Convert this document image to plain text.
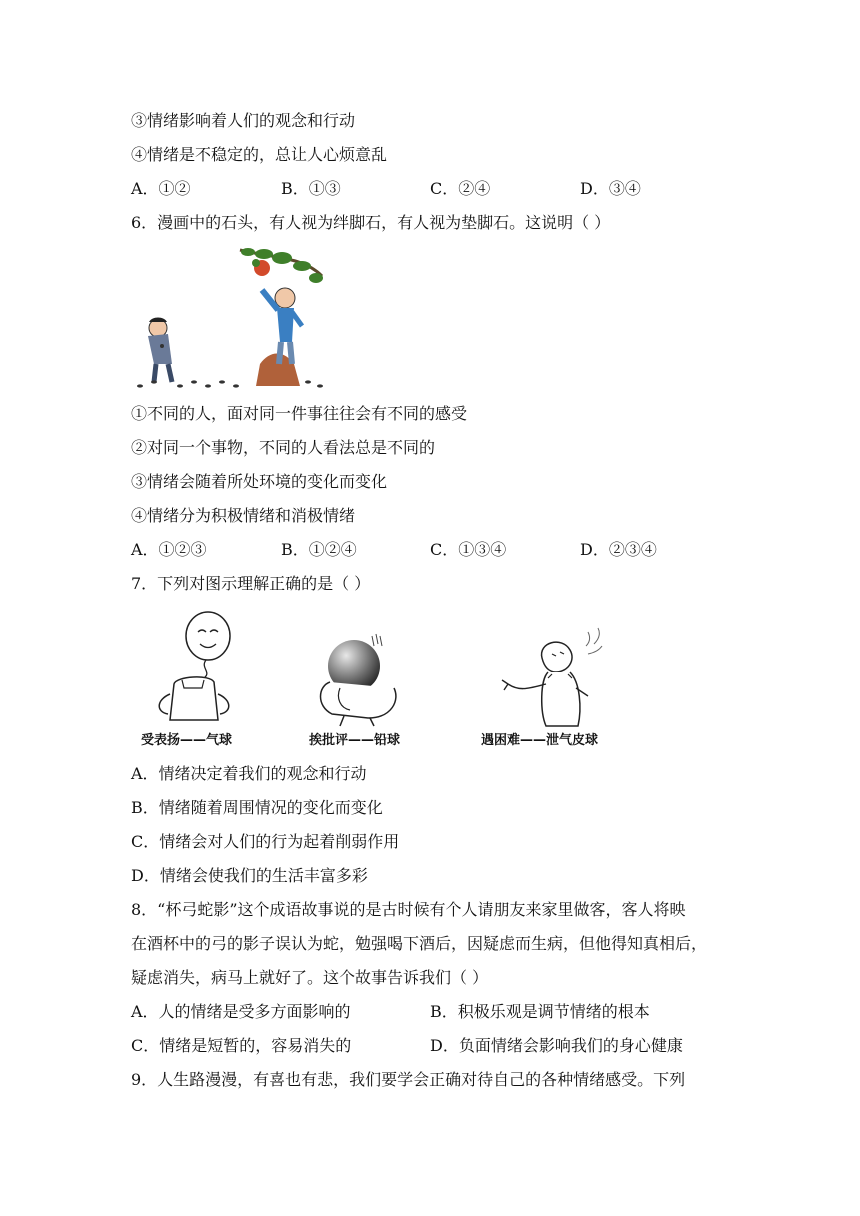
③情绪影响着人们的观念和行动
④情绪是不稳定的，总让人心烦意乱
A．①②	B．①③	C．②④	D．③④
6．漫画中的石头，有人视为绊脚石，有人视为垫脚石。这说明（ ）
①不同的人，面对同一件事往往会有不同的感受
②对同一个事物，不同的人看法总是不同的
③情绪会随着所处环境的变化而变化
④情绪分为积极情绪和消极情绪
A．①②③	B．①②④	C．①③④	D．②③④
7．下列对图示理解正确的是（ ）
受表扬——气球	挨批评——铅球	遇困难——泄气皮球
A．情绪决定着我们的观念和行动
B．情绪随着周围情况的变化而变化
C．情绪会对人们的行为起着削弱作用
D．情绪会使我们的生活丰富多彩
8．“杯弓蛇影”这个成语故事说的是古时候有个人请朋友来家里做客，客人将映
在酒杯中的弓的影子误认为蛇，勉强喝下酒后，因疑虑而生病，但他得知真相后，
疑虑消失，病马上就好了。这个故事告诉我们（ ）
A．人的情绪是受多方面影响的	B．积极乐观是调节情绪的根本
C．情绪是短暂的，容易消失的	D．负面情绪会影响我们的身心健康
9．人生路漫漫，有喜也有悲，我们要学会正确对待自己的各种情绪感受。下列
